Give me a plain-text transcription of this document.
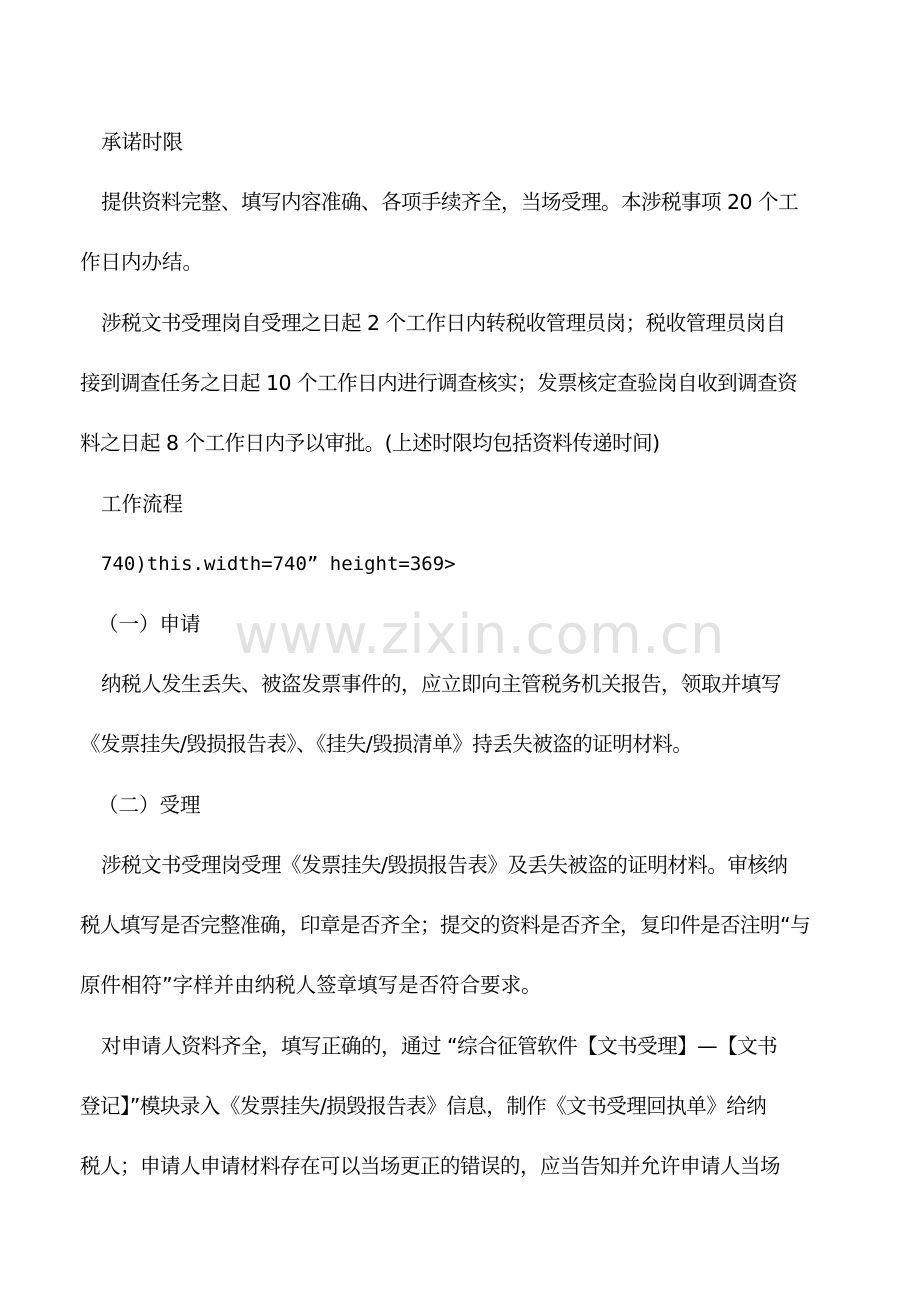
承诺时限
提供资料完整、填写内容准确、各项手续齐全，当场受理。本涉税事项 20 个工
作日内办结。
涉税文书受理岗自受理之日起 2 个工作日内转税收管理员岗；税收管理员岗自
接到调查任务之日起 10 个工作日内进行调查核实；发票核定查验岗自收到调查资
料之日起 8 个工作日内予以审批。(上述时限均包括资料传递时间)
工作流程
740)this.width=740” height=369>
（一）申请
纳税人发生丢失、被盗发票事件的，应立即向主管税务机关报告，领取并填写
《发票挂失/毁损报告表》、《挂失/毁损清单》持丢失被盗的证明材料。
（二）受理
涉税文书受理岗受理《发票挂失/毁损报告表》及丢失被盗的证明材料。审核纳
税人填写是否完整准确，印章是否齐全；提交的资料是否齐全，复印件是否注明“与
原件相符”字样并由纳税人签章填写是否符合要求。
对申请人资料齐全，填写正确的，通过 “综合征管软件【文书受理】—【文书
登记】”模块录入《发票挂失/损毁报告表》信息，制作《文书受理回执单》给纳
税人；申请人申请材料存在可以当场更正的错误的，应当告知并允许申请人当场
www.zixin.com.cn
